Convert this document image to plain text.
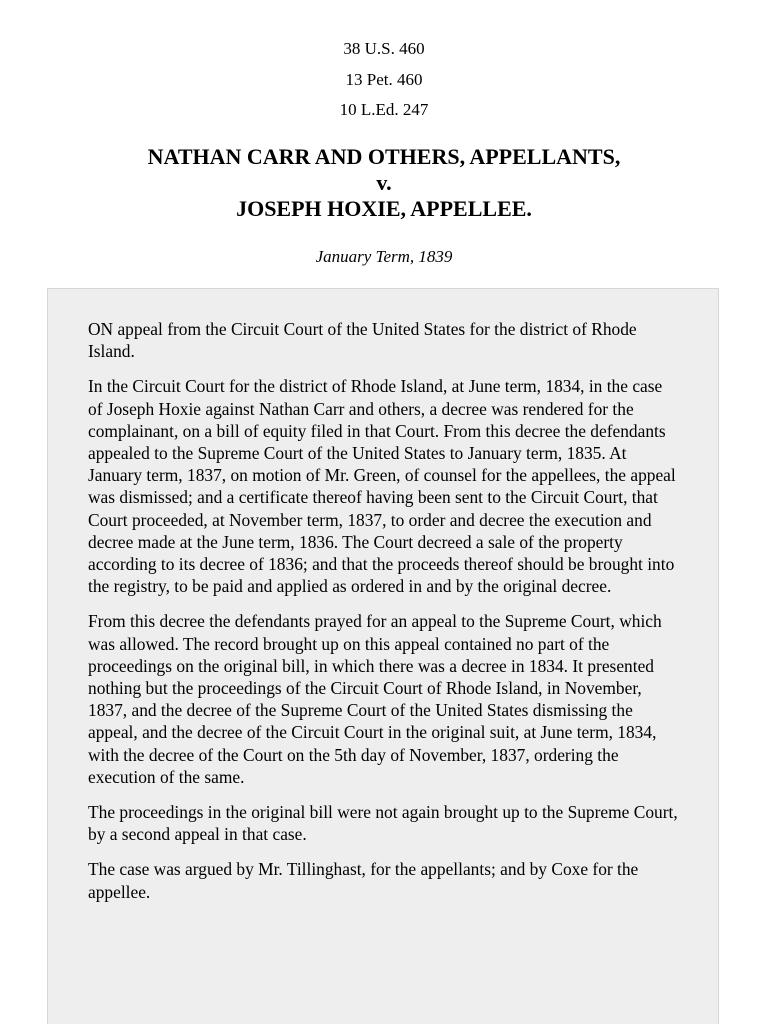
38 U.S. 460
13 Pet. 460
10 L.Ed. 247
NATHAN CARR AND OTHERS, APPELLANTS,
v.
JOSEPH HOXIE, APPELLEE.
January Term, 1839

ON appeal from the Circuit Court of the United States for the district of Rhode Island.

In the Circuit Court for the district of Rhode Island, at June term, 1834, in the case of Joseph Hoxie against Nathan Carr and others, a decree was rendered for the complainant, on a bill of equity filed in that Court. From this decree the defendants appealed to the Supreme Court of the United States to January term, 1835. At January term, 1837, on motion of Mr. Green, of counsel for the appellees, the appeal was dismissed; and a certificate thereof having been sent to the Circuit Court, that Court proceeded, at November term, 1837, to order and decree the execution and decree made at the June term, 1836. The Court decreed a sale of the property according to its decree of 1836; and that the proceeds thereof should be brought into the registry, to be paid and applied as ordered in and by the original decree.

From this decree the defendants prayed for an appeal to the Supreme Court, which was allowed. The record brought up on this appeal contained no part of the proceedings on the original bill, in which there was a decree in 1834. It presented nothing but the proceedings of the Circuit Court of Rhode Island, in November, 1837, and the decree of the Supreme Court of the United States dismissing the appeal, and the decree of the Circuit Court in the original suit, at June term, 1834, with the decree of the Court on the 5th day of November, 1837, ordering the execution of the same.

The proceedings in the original bill were not again brought up to the Supreme Court, by a second appeal in that case.

The case was argued by Mr. Tillinghast, for the appellants; and by Coxe for the appellee.
